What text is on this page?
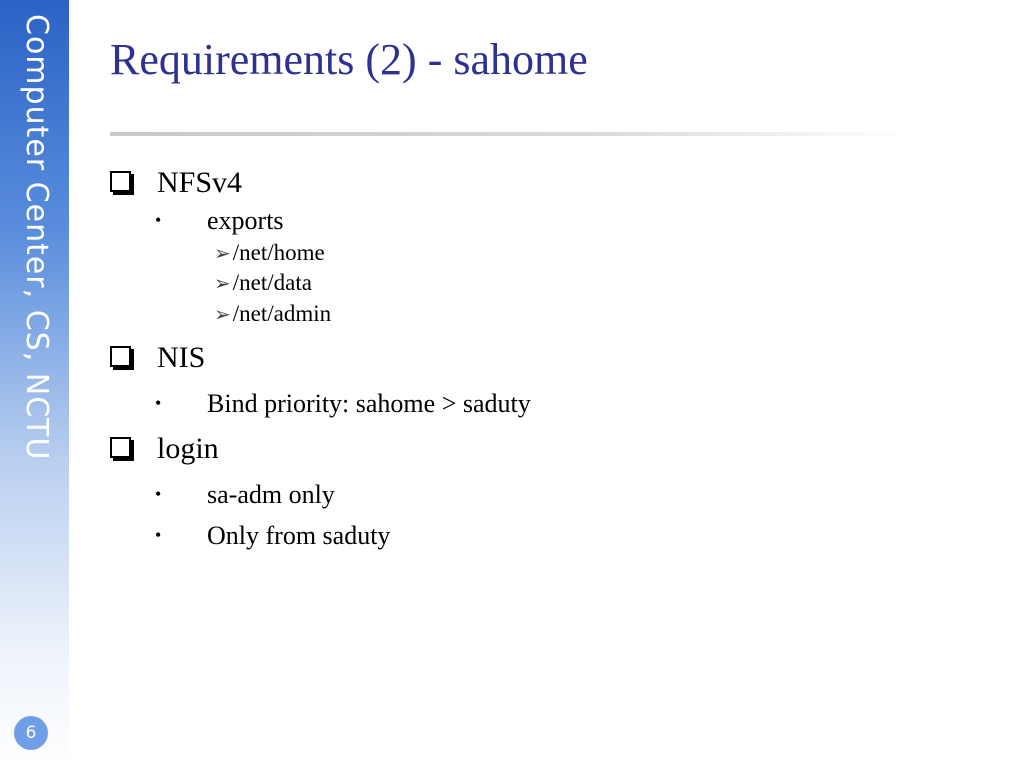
Computer Center, CS, NCTU
6
Requirements (2) - sahome
NFSv4
• exports
➢/net/home
➢/net/data
➢/net/admin
NIS
• Bind priority: sahome > saduty
login
• sa-adm only
• Only from saduty
